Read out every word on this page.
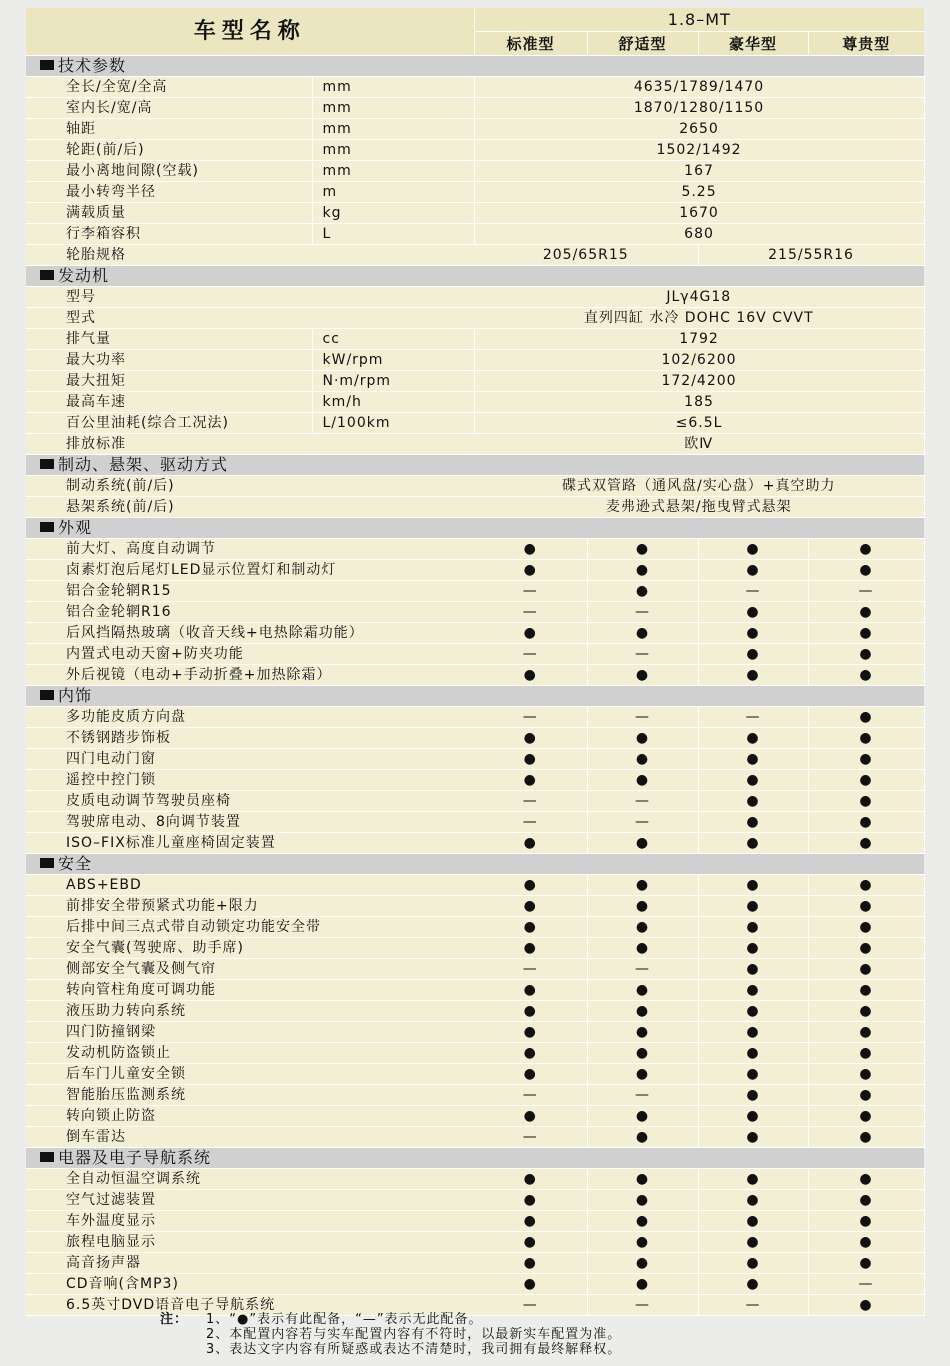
车型名称		1.8–MT			
		标准型	舒适型	豪华型	尊贵型
技术参数					
全长/全宽/全高	mm	4635/1789/1470			
室内长/宽/高	mm	1870/1280/1150			
轴距	mm	2650			
轮距(前/后)	mm	1502/1492			
最小离地间隙(空载)	mm	167			
最小转弯半径	m	5.25			
满载质量	kg	1670			
行李箱容积	L	680			
轮胎规格		205/65R15		215/55R16	
发动机					
型号		JLγ4G18			
型式		直列四缸 水冷 DOHC 16V CVVT			
排气量	cc	1792			
最大功率	kW/rpm	102/6200			
最大扭矩	N·m/rpm	172/4200			
最高车速	km/h	185			
百公里油耗(综合工况法)	L/100km	≤6.5L			
排放标准		欧Ⅳ			
制动、悬架、驱动方式					
制动系统(前/后)		碟式双管路（通风盘/实心盘）+真空助力			
悬架系统(前/后)		麦弗逊式悬架/拖曳臂式悬架			
外观					
前大灯、高度自动调节		●	●	●	●
卤素灯泡后尾灯LED显示位置灯和制动灯		●	●	●	●
铝合金轮辋R15		—	●	—	—
铝合金轮辋R16		—	—	●	●
后风挡隔热玻璃（收音天线+电热除霜功能）		●	●	●	●
内置式电动天窗+防夹功能		—	—	●	●
外后视镜（电动+手动折叠+加热除霜）		●	●	●	●
内饰					
多功能皮质方向盘		—	—	—	●
不锈钢踏步饰板		●	●	●	●
四门电动门窗		●	●	●	●
遥控中控门锁		●	●	●	●
皮质电动调节驾驶员座椅		—	—	●	●
驾驶席电动、8向调节装置		—	—	●	●
ISO–FIX标准儿童座椅固定装置		●	●	●	●
安全					
ABS+EBD		●	●	●	●
前排安全带预紧式功能+限力		●	●	●	●
后排中间三点式带自动锁定功能安全带		●	●	●	●
安全气囊(驾驶席、助手席)		●	●	●	●
侧部安全气囊及侧气帘		—	—	●	●
转向管柱角度可调功能		●	●	●	●
液压助力转向系统		●	●	●	●
四门防撞钢梁		●	●	●	●
发动机防盗锁止		●	●	●	●
后车门儿童安全锁		●	●	●	●
智能胎压监测系统		—	—	●	●
转向锁止防盗		●	●	●	●
倒车雷达		—	●	●	●
电器及电子导航系统					
全自动恒温空调系统		●	●	●	●
空气过滤装置		●	●	●	●
车外温度显示		●	●	●	●
旅程电脑显示		●	●	●	●
高音扬声器		●	●	●	●
CD音响(含MP3)		●	●	●	—
6.5英寸DVD语音电子导航系统		—	—	—	●
注： 1、“●”表示有此配备，“—”表示无此配备。
2、本配置内容若与实车配置内容有不符时，以最新实车配置为准。
3、表达文字内容有所疑惑或表达不清楚时，我司拥有最终解释权。
